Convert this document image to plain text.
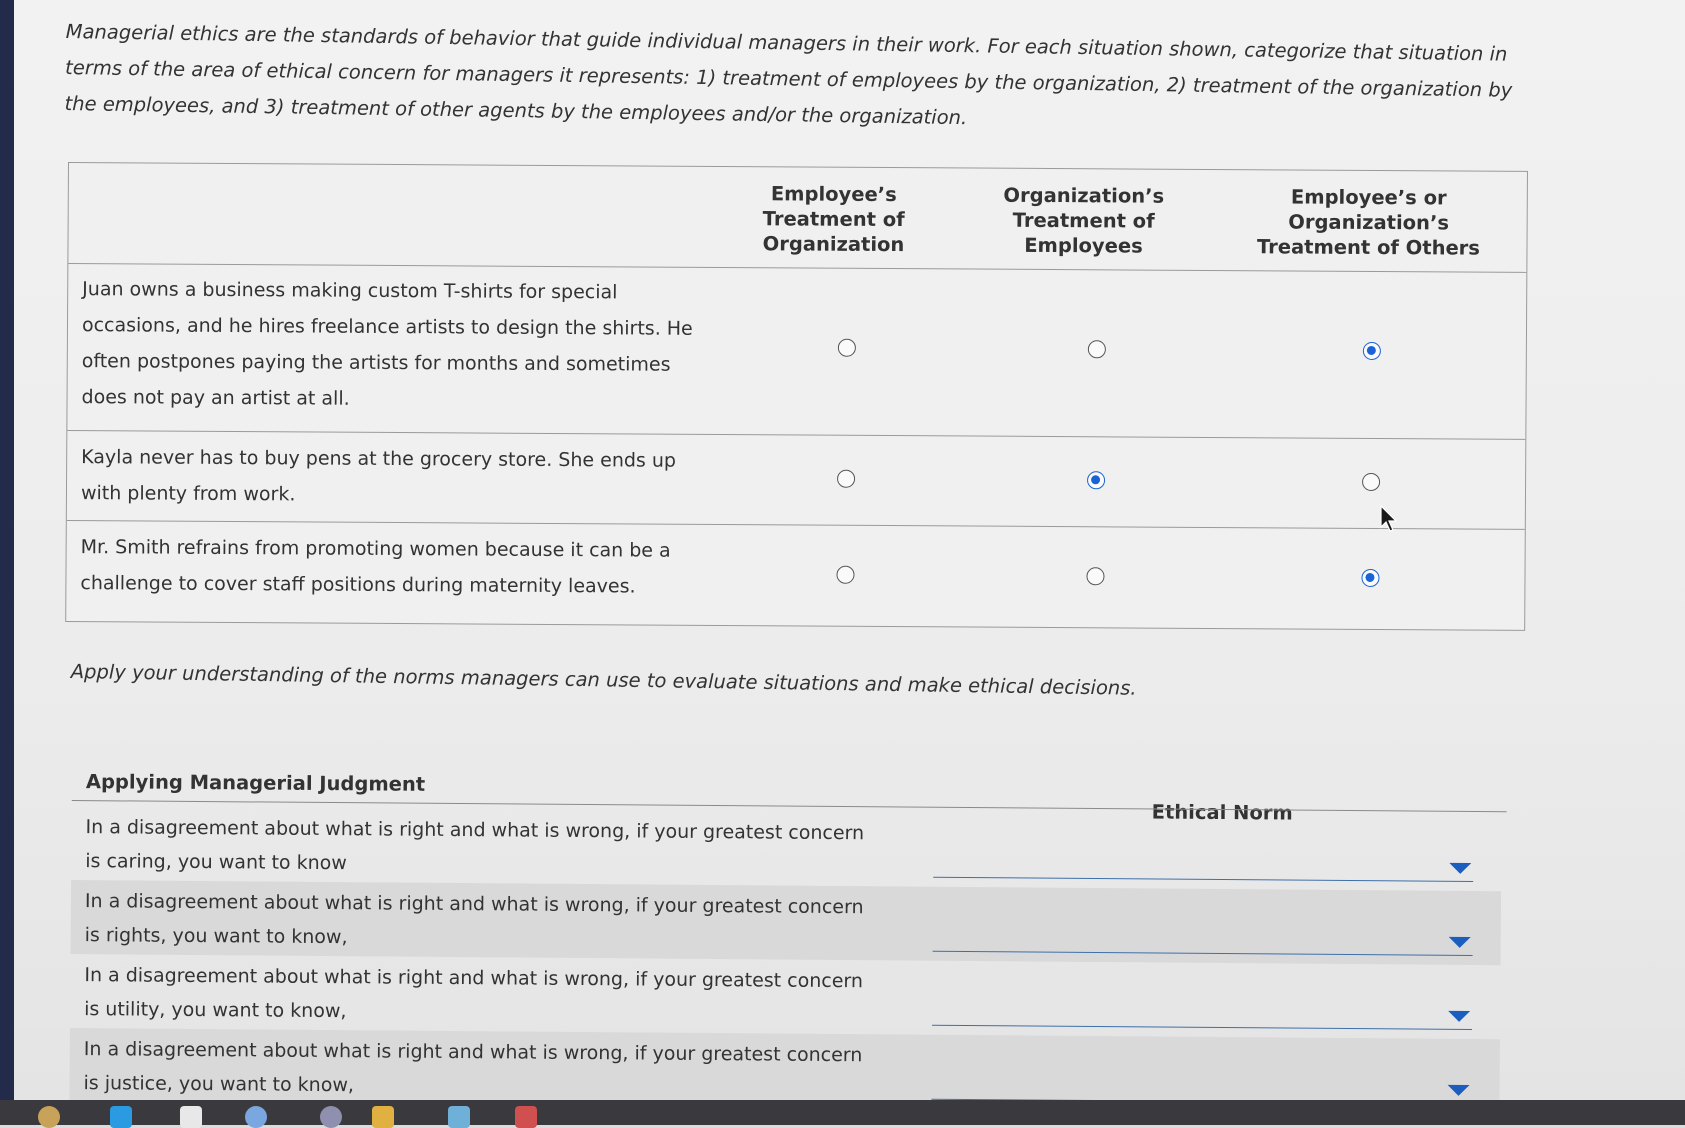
Managerial ethics are the standards of behavior that guide individual managers in their work. For each situation shown, categorize that situation in terms of the area of ethical concern for managers it represents: 1) treatment of employees by the organization, 2) treatment of the organization by the employees, and 3) treatment of other agents by the employees and/or the organization.
Employee’s
Treatment of
Organization
Organization’s
Treatment of
Employees
Employee’s or
Organization’s
Treatment of Others
Juan owns a business making custom T-shirts for special occasions, and he hires freelance artists to design the shirts. He often postpones paying the artists for months and sometimes does not pay an artist at all.
Kayla never has to buy pens at the grocery store. She ends up with plenty from work.
Mr. Smith refrains from promoting women because it can be a challenge to cover staff positions during maternity leaves.
Apply your understanding of the norms managers can use to evaluate situations and make ethical decisions.
Applying Managerial Judgment
Ethical Norm
In a disagreement about what is right and what is wrong, if your greatest concern is caring, you want to know
In a disagreement about what is right and what is wrong, if your greatest concern is rights, you want to know,
In a disagreement about what is right and what is wrong, if your greatest concern is utility, you want to know,
In a disagreement about what is right and what is wrong, if your greatest concern is justice, you want to know,
